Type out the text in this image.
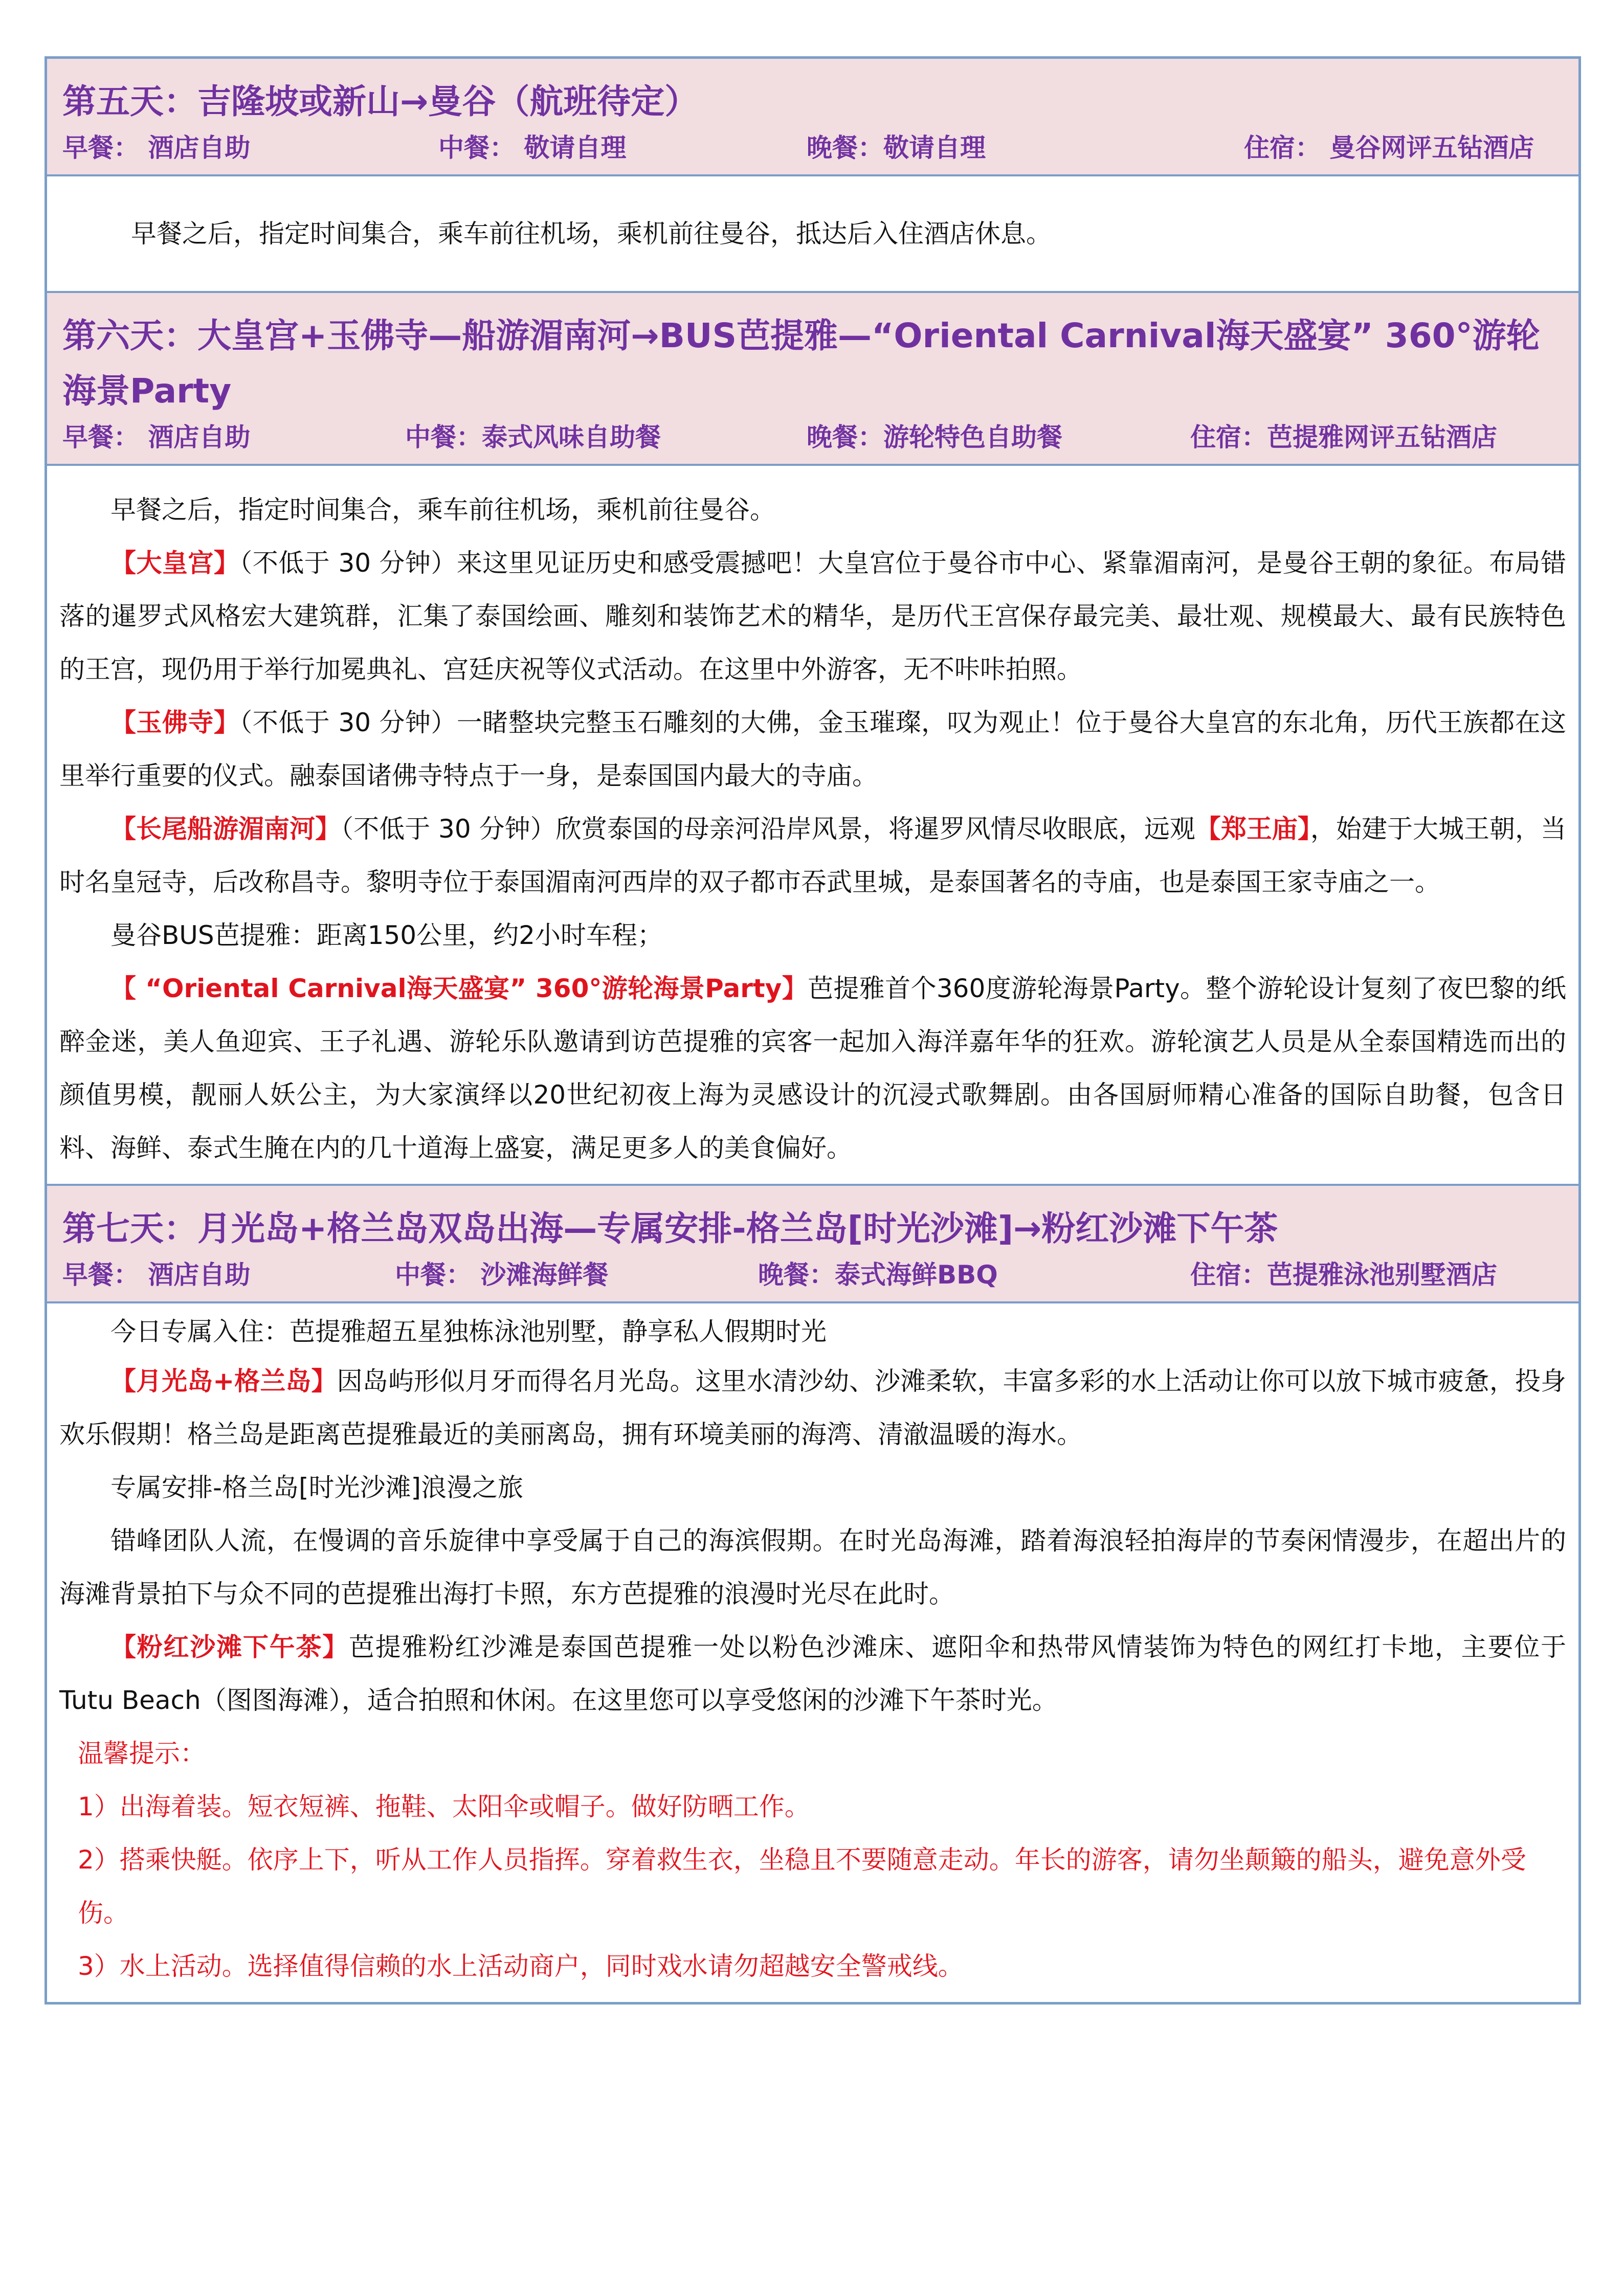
第五天：吉隆坡或新山→曼谷（航班待定）
早餐： 酒店自助	中餐： 敬请自理	晚餐：敬请自理	住宿： 曼谷网评五钻酒店

早餐之后，指定时间集合，乘车前往机场，乘机前往曼谷，抵达后入住酒店休息。

第六天：大皇宫+玉佛寺—船游湄南河→BUS芭提雅—“Oriental Carnival海天盛宴” 360°游轮海景Party
早餐： 酒店自助	中餐：泰式风味自助餐	晚餐：游轮特色自助餐	住宿：芭提雅网评五钻酒店

早餐之后，指定时间集合，乘车前往机场，乘机前往曼谷。

【大皇宫】（不低于 30 分钟）来这里见证历史和感受震撼吧！大皇宫位于曼谷市中心、紧靠湄南河，是曼谷王朝的象征。布局错落的暹罗式风格宏大建筑群，汇集了泰国绘画、雕刻和装饰艺术的精华，是历代王宫保存最完美、最壮观、规模最大、最有民族特色的王宫，现仍用于举行加冕典礼、宫廷庆祝等仪式活动。在这里中外游客，无不咔咔拍照。

【玉佛寺】（不低于 30 分钟）一睹整块完整玉石雕刻的大佛，金玉璀璨，叹为观止！位于曼谷大皇宫的东北角，历代王族都在这里举行重要的仪式。融泰国诸佛寺特点于一身，是泰国国内最大的寺庙。

【长尾船游湄南河】（不低于 30 分钟）欣赏泰国的母亲河沿岸风景，将暹罗风情尽收眼底，远观【郑王庙】，始建于大城王朝，当时名皇冠寺，后改称昌寺。黎明寺位于泰国湄南河西岸的双子都市吞武里城，是泰国著名的寺庙，也是泰国王家寺庙之一。

曼谷BUS芭提雅：距离150公里，约2小时车程；

【 “Oriental Carnival海天盛宴” 360°游轮海景Party】芭提雅首个360度游轮海景Party。整个游轮设计复刻了夜巴黎的纸醉金迷，美人鱼迎宾、王子礼遇、游轮乐队邀请到访芭提雅的宾客一起加入海洋嘉年华的狂欢。游轮演艺人员是从全泰国精选而出的颜值男模，靓丽人妖公主，为大家演绎以20世纪初夜上海为灵感设计的沉浸式歌舞剧。由各国厨师精心准备的国际自助餐，包含日料、海鲜、泰式生腌在内的几十道海上盛宴，满足更多人的美食偏好。

第七天：月光岛+格兰岛双岛出海—专属安排-格兰岛[时光沙滩]→粉红沙滩下午茶
早餐： 酒店自助	中餐： 沙滩海鲜餐	晚餐：泰式海鲜BBQ	住宿：芭提雅泳池别墅酒店

今日专属入住：芭提雅超五星独栋泳池别墅，静享私人假期时光

【月光岛+格兰岛】因岛屿形似月牙而得名月光岛。这里水清沙幼、沙滩柔软，丰富多彩的水上活动让你可以放下城市疲惫，投身欢乐假期！格兰岛是距离芭提雅最近的美丽离岛，拥有环境美丽的海湾、清澈温暖的海水。

专属安排-格兰岛[时光沙滩]浪漫之旅

错峰团队人流，在慢调的音乐旋律中享受属于自己的海滨假期。在时光岛海滩，踏着海浪轻拍海岸的节奏闲情漫步，在超出片的海滩背景拍下与众不同的芭提雅出海打卡照，东方芭提雅的浪漫时光尽在此时。

【粉红沙滩下午茶】芭提雅粉红沙滩是泰国芭提雅一处以粉色沙滩床、遮阳伞和热带风情装饰为特色的网红打卡地，主要位于Tutu Beach（图图海滩），适合拍照和休闲。在这里您可以享受悠闲的沙滩下午茶时光。

温馨提示：

1）出海着装。短衣短裤、拖鞋、太阳伞或帽子。做好防晒工作。

2）搭乘快艇。依序上下，听从工作人员指挥。穿着救生衣，坐稳且不要随意走动。年长的游客，请勿坐颠簸的船头，避免意外受伤。

3）水上活动。选择值得信赖的水上活动商户，同时戏水请勿超越安全警戒线。
